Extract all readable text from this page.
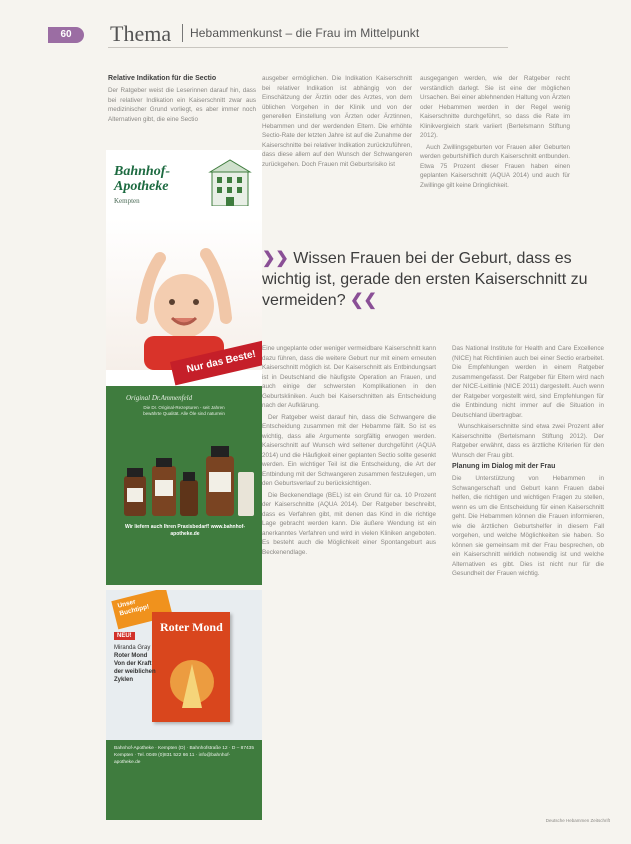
60	Thema Hebammenkunst – die Frau im Mittelpunkt
Relative Indikation für die Sectio

Der Ratgeber weist die Leserinnen darauf hin, dass bei relativer Indikation ein Kaiserschnitt zwar aus medizinischer Grund vorliegt, es aber immer noch Alternativen gibt, die eine Sectio

ausgeber ermöglichen. Die Indikation Kaiserschnitt bei relativer Indikation ist abhängig von der Einschätzung der Ärztin oder des Arztes, von dem üblichen Vorgehen in der Klinik und von der generellen Einstellung von Ärzten oder Ärztinnen, Hebammen und der werdenden Eltern. Die erhöhte Sectio-Rate der letzten Jahre ist auf die Zunahme der Kaiserschnitte bei relativer Indikation zurückzuführen, dass diese allem auf den Wunsch der Schwangeren zurückgehen. Doch Frauen mit Geburtsrisiko ist

ausgegangen werden, wie der Ratgeber recht verständlich darlegt. Sie ist eine der möglichen Ursachen. Bei einer ablehnenden Haltung von Ärzten oder Hebammen werden in der Regel wenig Kaiserschnitte durchgeführt, so dass die Rate im Klinikvergleich stark variiert (Bertelsmann Stiftung 2012).

Auch Zwillingsgeburten vor Frauen aller Geburten werden geburtshilflich durch Kaiserschnitt entbunden. Etwa 75 Prozent dieser Frauen haben einen geplanten Kaiserschnitt (AQUA 2014) und auch für Zwillinge gilt keine Dringlichkeit.

❯❯ Wissen Frauen bei der Geburt, dass es wichtig ist, gerade den ersten Kaiserschnitt zu vermeiden? ❮❮

Eine ungeplante oder weniger vermeidbare Kaiserschnitt kann dazu führen, dass die weitere Geburt nur mit einem erneuten Kaiserschnitt möglich ist. Der Kaiserschnitt als Entbindungsart ist in Deutschland die häufigste Operation an Frauen, und auch einige der schwersten Komplikationen in den Geburtskliniken. Auch bei Kaiserschnitten als Entscheidung nach der Aufklärung.

Der Ratgeber weist darauf hin, dass die Schwangere die Entscheidung zusammen mit der Hebamme fällt. So ist es wichtig, dass alle Argumente sorgfältig erwogen werden. Kaiserschnitt auf Wunsch wird seltener durchgeführt (AQUA 2014) und die Häufigkeit einer geplanten Sectio sollte gesenkt werden. Ein wichtiger Teil ist die Entscheidung, die Art der Entbindung mit der Schwangeren zusammen festzulegen, um den Geburtsverlauf zu berücksichtigen.

Die Beckenendlage (BEL) ist ein Grund für ca. 10 Prozent der Kaiserschnitte (AQUA 2014). Der Ratgeber beschreibt, dass es Verfahren gibt, mit denen das Kind in die richtige Lage gebracht werden kann. Die äußere Wendung ist ein anerkanntes Verfahren und wird in vielen Kliniken angeboten. Es besteht auch die Möglichkeit einer Spontangeburt aus Beckenendlage.

Das National Institute for Health and Care Excellence (NICE) hat Richtlinien auch bei einer Sectio erarbeitet. Die Empfehlungen werden in einem Ratgeber zusammengefasst. Der Ratgeber für Eltern wird nach der NICE-Leitlinie (NICE 2011) dargestellt. Auch wenn der Ratgeber vorgestellt wird, sind Empfehlungen für die Entbindung nicht immer auf die Situation in Deutschland übertragbar.

Wunschkaiserschnitte sind etwa zwei Prozent aller Kaiserschnitte (Bertelsmann Stiftung 2012). Der Ratgeber erwähnt, dass es ärztliche Kriterien für den Wunsch der Frau gibt.

Planung im Dialog mit der Frau

Die Unterstützung von Hebammen in Schwangerschaft und Geburt kann Frauen dabei helfen, die richtigen und wichtigen Fragen zu stellen, wenn es um die Entscheidung für einen Kaiserschnitt geht. Die Hebammen können die Frauen informieren, wie die ärztlichen Geburtshelfer in diesem Fall vorgehen, und welche Möglichkeiten sie haben. So können sie gemeinsam mit der Frau besprechen, ob ein Kaiserschnitt wirklich notwendig ist und welche Alternativen es gibt. Dies ist nicht nur für die Gesundheit der Frauen wichtig.

Bahnhof-
Apotheke
Kempten
Nur das Beste!
Original Dr.Ammenfeld
Die Dr. Original-Rezepturen - seit Jahren bewährte Qualität. Alle Öle sind naturrein
Wir liefern auch Ihren Praxisbedarf! www.bahnhof-apotheke.de
Unser Buchtipp!
Roter Mond
NEU!
Miranda Gray
Roter Mond
Von der Kraft der weiblichen Zyklen
Bahnhof-Apotheke · Kempten (D) · Bahnhofstraße 12 · D – 87435 Kempten · Tel. 0049 (0)831 522 66 11 · info@bahnhof-apotheke.de
Deutsche Hebammen Zeitschrift
